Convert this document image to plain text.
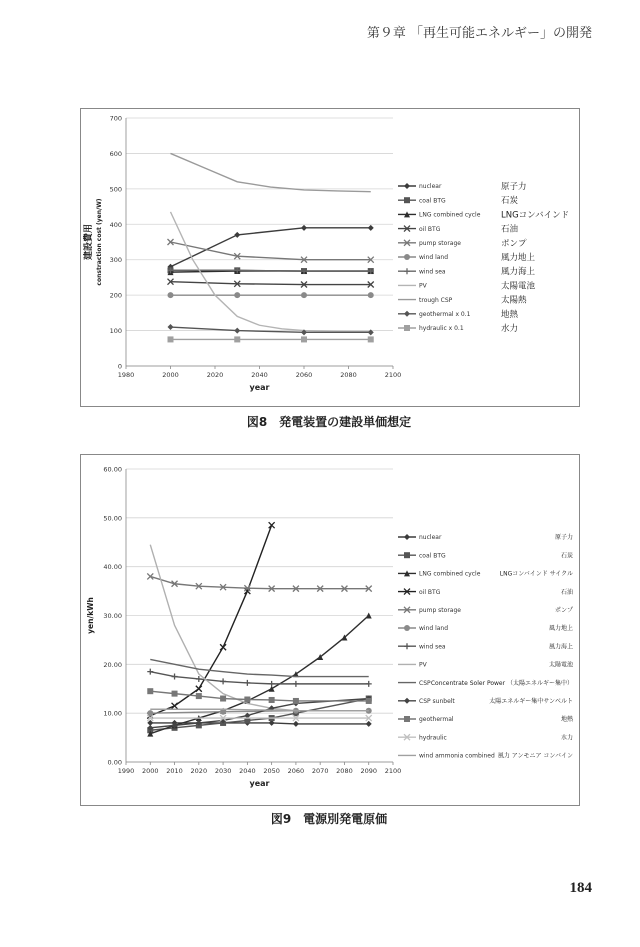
第９章 「再生可能エネルギー」の開発
0
100
200
300
400
500
600
700
1980	2000	2020	2040	2060	2080	2100
year
建設費用 constraction cost (yen/W)
nuclear	原子力
coal BTG	石炭
LNG combined cycle LNGコンバインド
oil BTG	石油
pump storage	ポンプ
wind land	風力地上
wind sea	風力海上
PV	太陽電池
trough CSP	太陽熱
geothermal x 0.1	地熱
hydraulic x 0.1	水力
図8　発電装置の建設単価想定
0.00
10.00
20.00
30.00
40.00
50.00
60.00
1990 2000 2010 2020 2030 2040 2050 2060 2070 2080 2090 2100
year
yen/kWh
nuclear	原子力
coal BTG	石炭
LNG combined cycle	LNGコンバインド サイクル
oil BTG	石油
pump storage	ポンプ
wind land	風力地上
wind sea	風力海上
PV	太陽電池
CSP Concentrate Soler Power （太陽エネルギー集中）
CSP sunbelt	太陽エネルギー集中サンベルト
geothermal	地熱
hydraulic	水力
wind ammonia combined 風力 アンモニア コンバイン
図9　電源別発電原価
184
